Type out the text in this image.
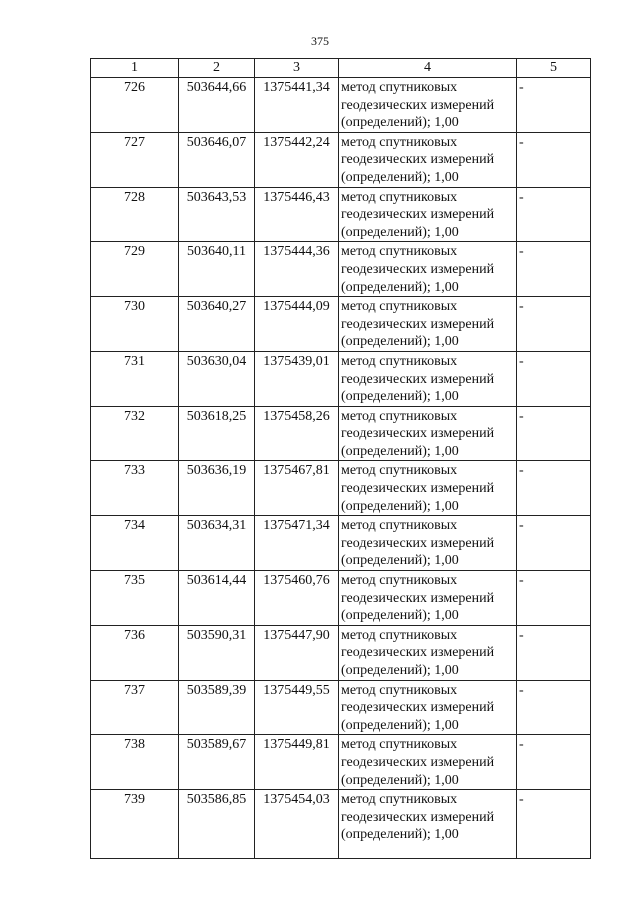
375
1	2	3	4	5
726	503644,66	1375441,34	метод спутниковых
геодезических измерений
(определений); 1,00	-
727	503646,07	1375442,24	метод спутниковых
геодезических измерений
(определений); 1,00	-
728	503643,53	1375446,43	метод спутниковых
геодезических измерений
(определений); 1,00	-
729	503640,11	1375444,36	метод спутниковых
геодезических измерений
(определений); 1,00	-
730	503640,27	1375444,09	метод спутниковых
геодезических измерений
(определений); 1,00	-
731	503630,04	1375439,01	метод спутниковых
геодезических измерений
(определений); 1,00	-
732	503618,25	1375458,26	метод спутниковых
геодезических измерений
(определений); 1,00	-
733	503636,19	1375467,81	метод спутниковых
геодезических измерений
(определений); 1,00	-
734	503634,31	1375471,34	метод спутниковых
геодезических измерений
(определений); 1,00	-
735	503614,44	1375460,76	метод спутниковых
геодезических измерений
(определений); 1,00	-
736	503590,31	1375447,90	метод спутниковых
геодезических измерений
(определений); 1,00	-
737	503589,39	1375449,55	метод спутниковых
геодезических измерений
(определений); 1,00	-
738	503589,67	1375449,81	метод спутниковых
геодезических измерений
(определений); 1,00	-
739	503586,85	1375454,03	метод спутниковых
геодезических измерений
(определений); 1,00	-
